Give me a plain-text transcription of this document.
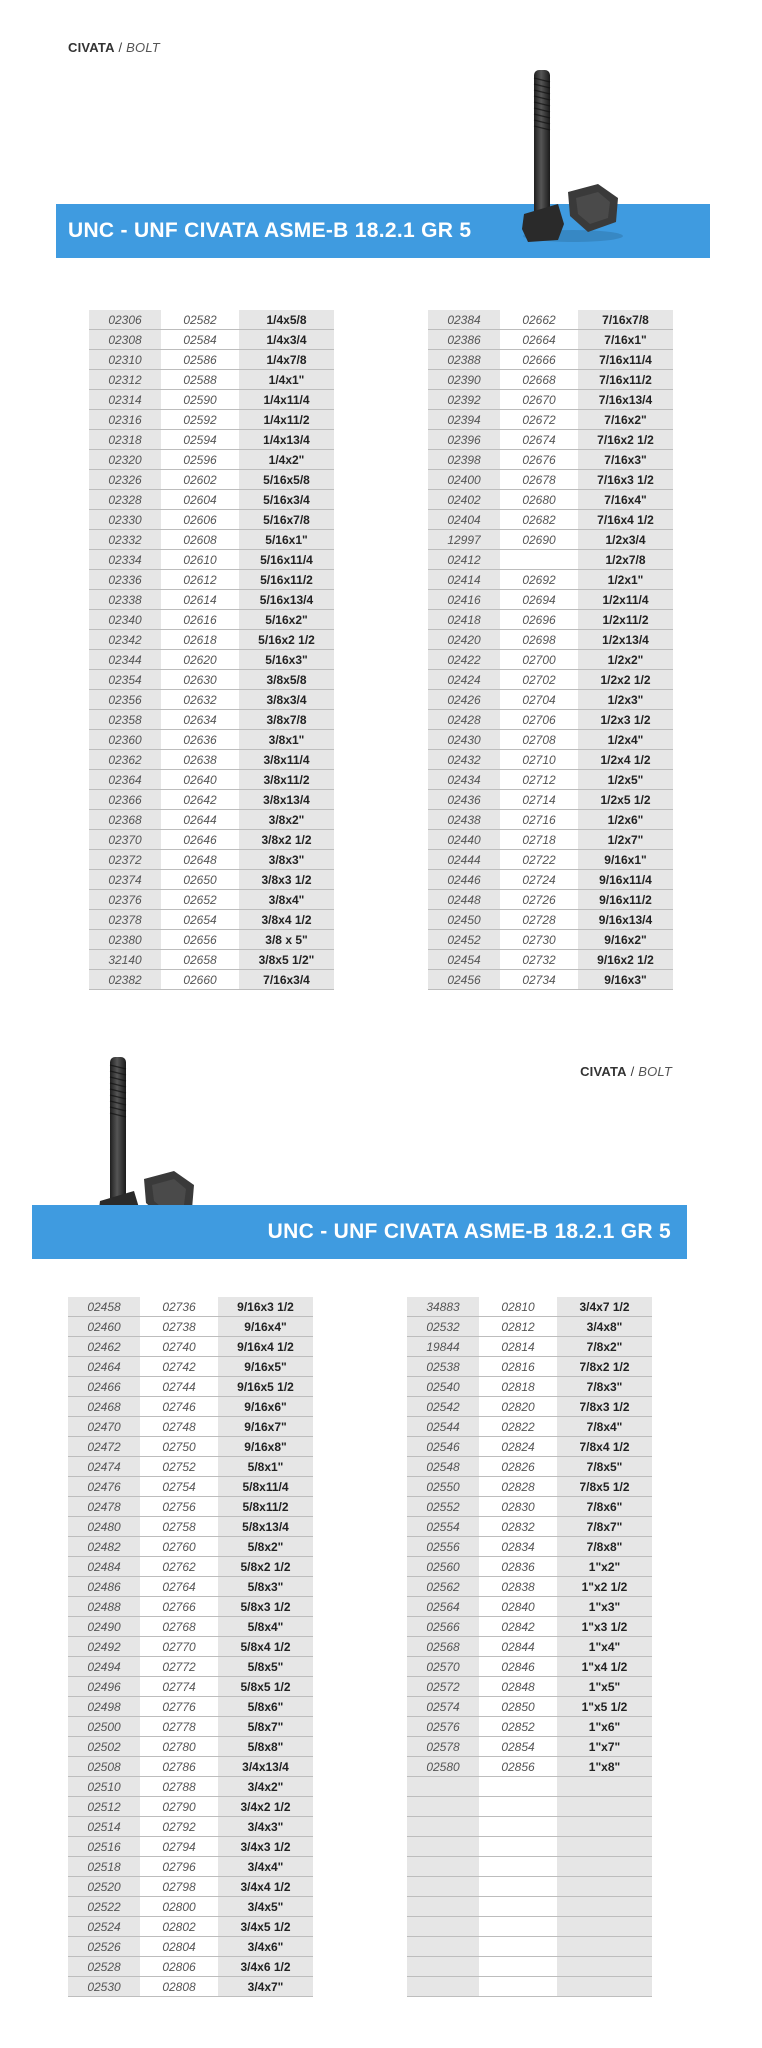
CIVATA / BOLT
UNC - UNF CIVATA ASME-B 18.2.1 GR 5
02306	02582	1/4x5/8
02308	02584	1/4x3/4
02310	02586	1/4x7/8
02312	02588	1/4x1"
02314	02590	1/4x11/4
02316	02592	1/4x11/2
02318	02594	1/4x13/4
02320	02596	1/4x2"
02326	02602	5/16x5/8
02328	02604	5/16x3/4
02330	02606	5/16x7/8
02332	02608	5/16x1"
02334	02610	5/16x11/4
02336	02612	5/16x11/2
02338	02614	5/16x13/4
02340	02616	5/16x2"
02342	02618	5/16x2 1/2
02344	02620	5/16x3"
02354	02630	3/8x5/8
02356	02632	3/8x3/4
02358	02634	3/8x7/8
02360	02636	3/8x1"
02362	02638	3/8x11/4
02364	02640	3/8x11/2
02366	02642	3/8x13/4
02368	02644	3/8x2"
02370	02646	3/8x2 1/2
02372	02648	3/8x3"
02374	02650	3/8x3 1/2
02376	02652	3/8x4"
02378	02654	3/8x4 1/2
02380	02656	3/8 x 5"
32140	02658	3/8x5 1/2"
02382	02660	7/16x3/4
02384	02662	7/16x7/8
02386	02664	7/16x1"
02388	02666	7/16x11/4
02390	02668	7/16x11/2
02392	02670	7/16x13/4
02394	02672	7/16x2"
02396	02674	7/16x2 1/2
02398	02676	7/16x3"
02400	02678	7/16x3 1/2
02402	02680	7/16x4"
02404	02682	7/16x4 1/2
12997	02690	1/2x3/4
02412		1/2x7/8
02414	02692	1/2x1"
02416	02694	1/2x11/4
02418	02696	1/2x11/2
02420	02698	1/2x13/4
02422	02700	1/2x2"
02424	02702	1/2x2 1/2
02426	02704	1/2x3"
02428	02706	1/2x3 1/2
02430	02708	1/2x4"
02432	02710	1/2x4 1/2
02434	02712	1/2x5"
02436	02714	1/2x5 1/2
02438	02716	1/2x6"
02440	02718	1/2x7"
02444	02722	9/16x1"
02446	02724	9/16x11/4
02448	02726	9/16x11/2
02450	02728	9/16x13/4
02452	02730	9/16x2"
02454	02732	9/16x2 1/2
02456	02734	9/16x3"
CIVATA / BOLT
UNC - UNF CIVATA ASME-B 18.2.1 GR 5
02458	02736	9/16x3 1/2
02460	02738	9/16x4"
02462	02740	9/16x4 1/2
02464	02742	9/16x5"
02466	02744	9/16x5 1/2
02468	02746	9/16x6"
02470	02748	9/16x7"
02472	02750	9/16x8"
02474	02752	5/8x1"
02476	02754	5/8x11/4
02478	02756	5/8x11/2
02480	02758	5/8x13/4
02482	02760	5/8x2"
02484	02762	5/8x2 1/2
02486	02764	5/8x3"
02488	02766	5/8x3 1/2
02490	02768	5/8x4"
02492	02770	5/8x4 1/2
02494	02772	5/8x5"
02496	02774	5/8x5 1/2
02498	02776	5/8x6"
02500	02778	5/8x7"
02502	02780	5/8x8"
02508	02786	3/4x13/4
02510	02788	3/4x2"
02512	02790	3/4x2 1/2
02514	02792	3/4x3"
02516	02794	3/4x3 1/2
02518	02796	3/4x4"
02520	02798	3/4x4 1/2
02522	02800	3/4x5"
02524	02802	3/4x5 1/2
02526	02804	3/4x6"
02528	02806	3/4x6 1/2
02530	02808	3/4x7"
34883	02810	3/4x7 1/2
02532	02812	3/4x8"
19844	02814	7/8x2"
02538	02816	7/8x2 1/2
02540	02818	7/8x3"
02542	02820	7/8x3 1/2
02544	02822	7/8x4"
02546	02824	7/8x4 1/2
02548	02826	7/8x5"
02550	02828	7/8x5 1/2
02552	02830	7/8x6"
02554	02832	7/8x7"
02556	02834	7/8x8"
02560	02836	1"x2"
02562	02838	1"x2 1/2
02564	02840	1"x3"
02566	02842	1"x3 1/2
02568	02844	1"x4"
02570	02846	1"x4 1/2
02572	02848	1"x5"
02574	02850	1"x5 1/2
02576	02852	1"x6"
02578	02854	1"x7"
02580	02856	1"x8"
